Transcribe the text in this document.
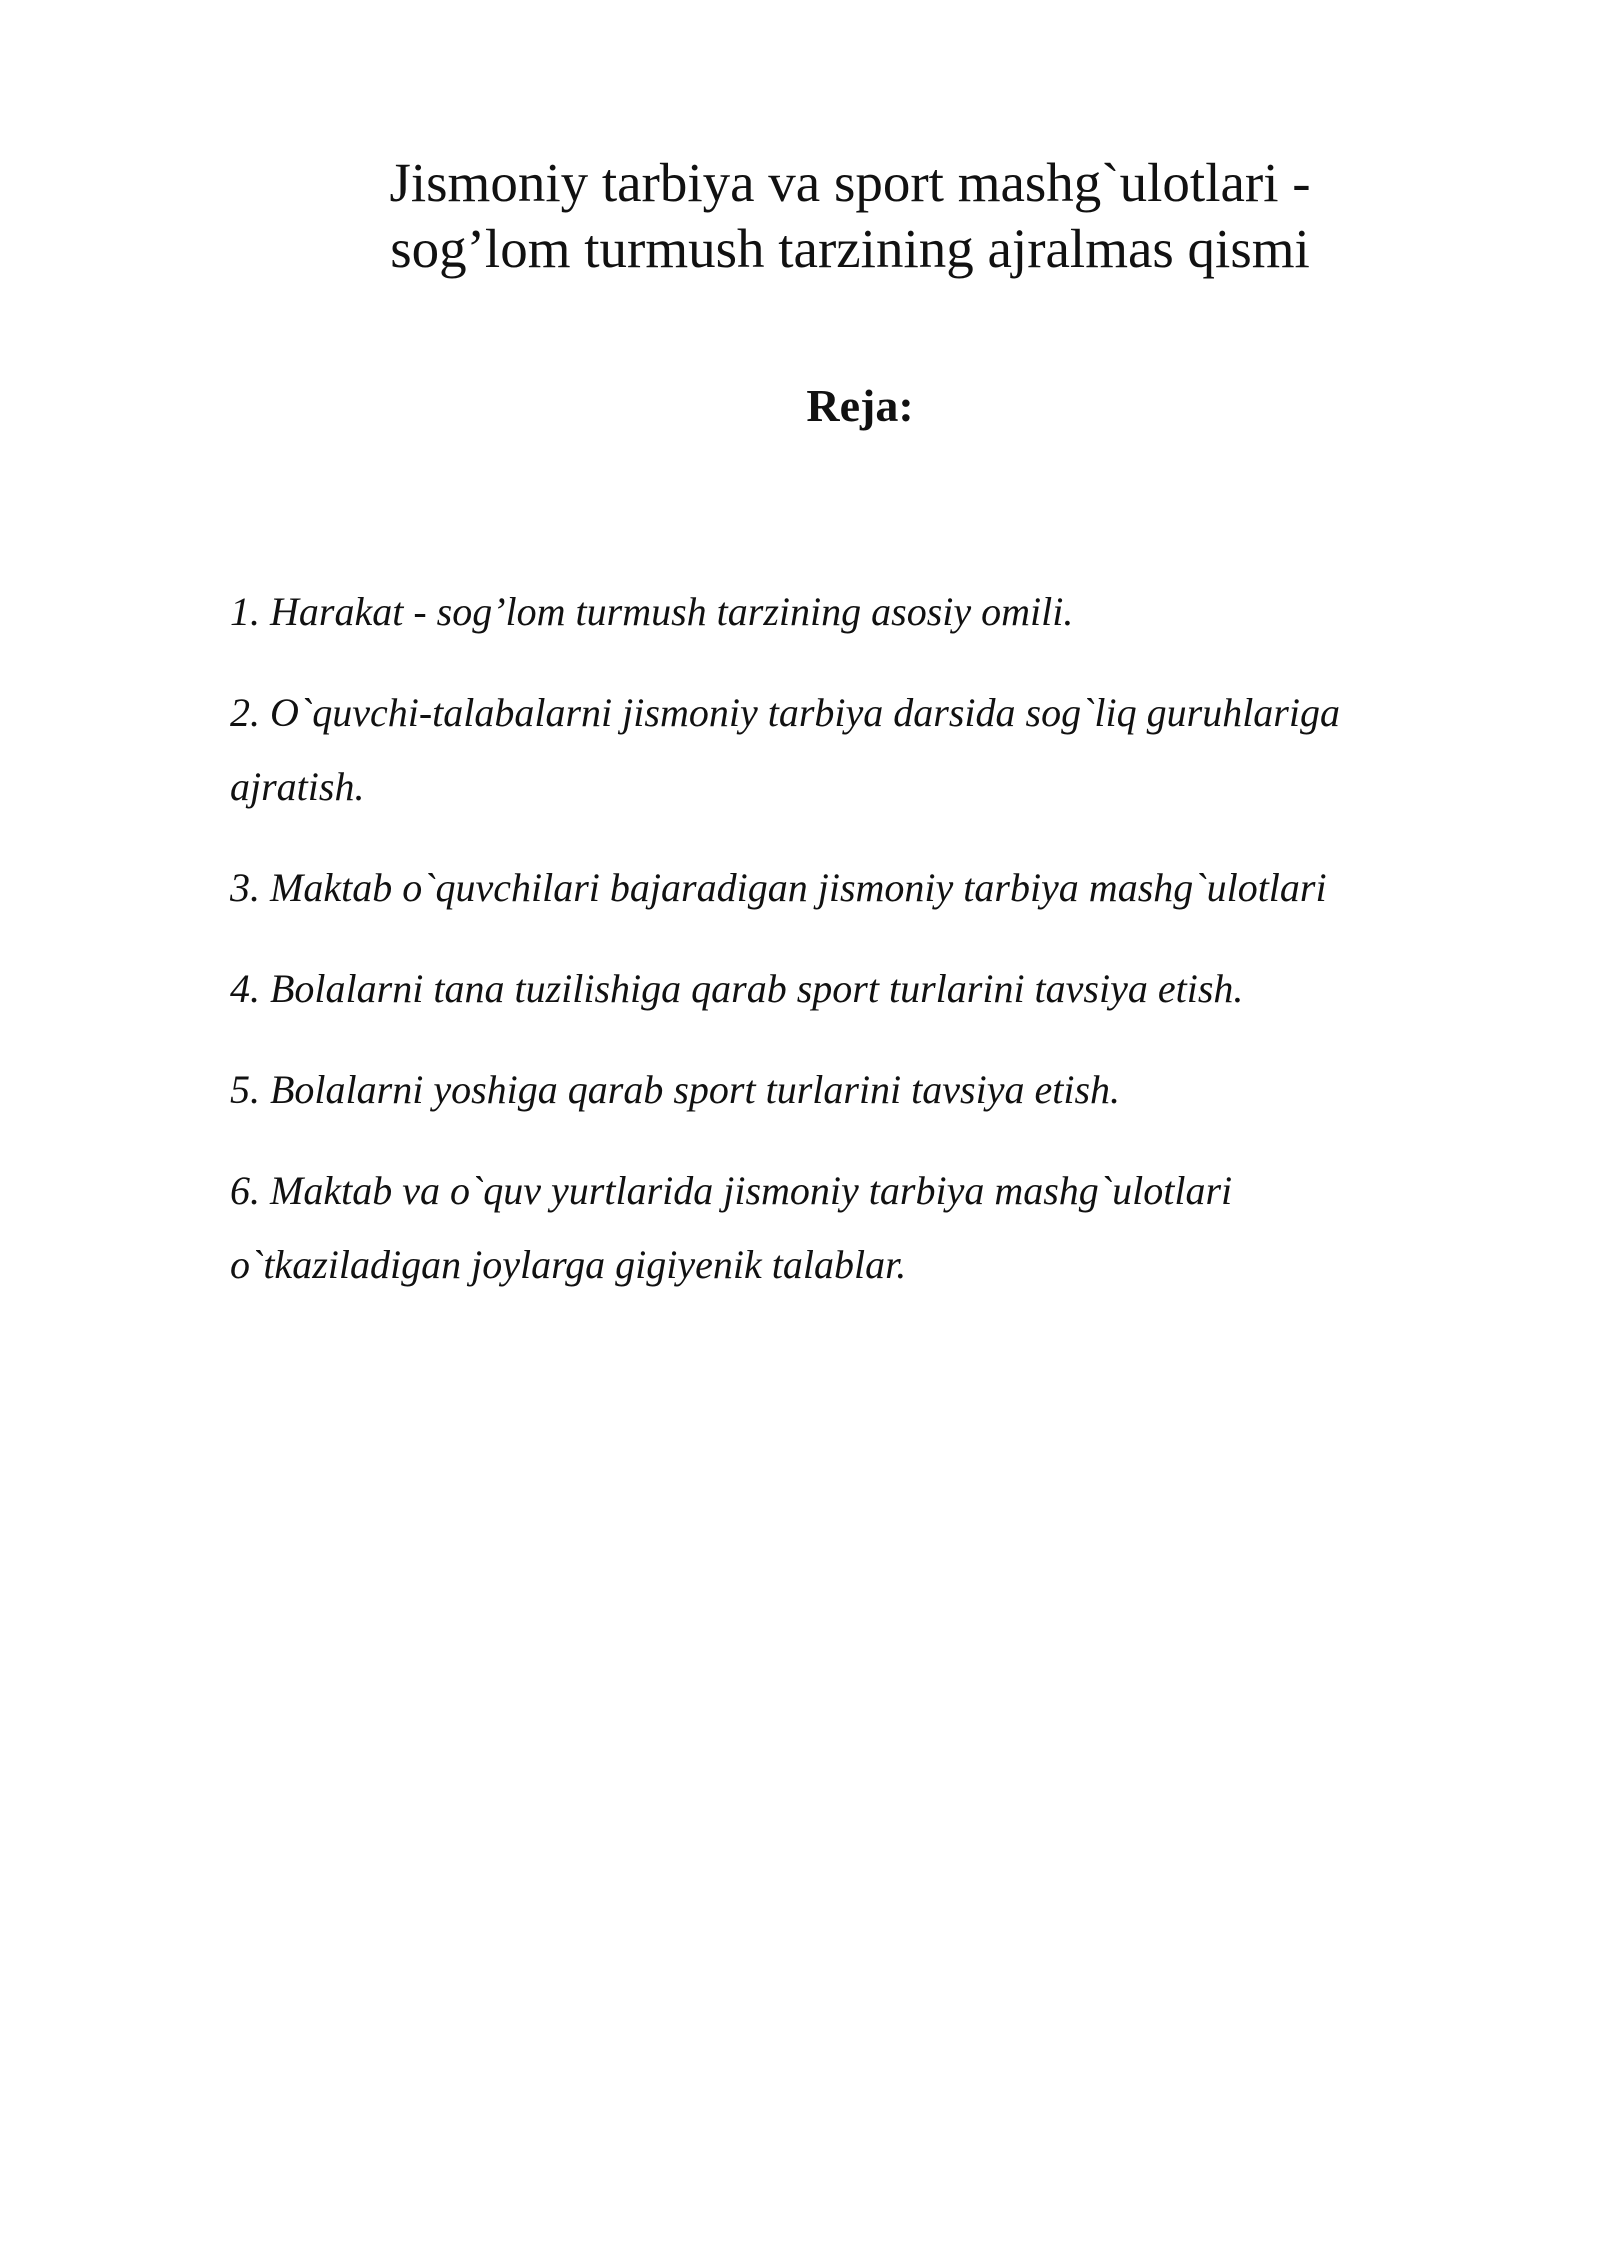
Jismoniy tarbiya va sport mashg`ulotlari -
sog’lom turmush tarzining ajralmas qismi
Reja:
1. Harakat - sog’lom turmush tarzining asosiy omili.
2. O`quvchi-talabalarni jismoniy tarbiya darsida sog`liq guruhlariga
ajratish.
3. Maktab o`quvchilari bajaradigan jismoniy tarbiya mashg`ulotlari
4. Bolalarni tana tuzilishiga qarab sport turlarini tavsiya etish.
5. Bolalarni yoshiga qarab sport turlarini tavsiya etish.
6. Maktab va o`quv yurtlarida jismoniy tarbiya mashg`ulotlari
o`tkaziladigan joylarga gigiyenik talablar.
